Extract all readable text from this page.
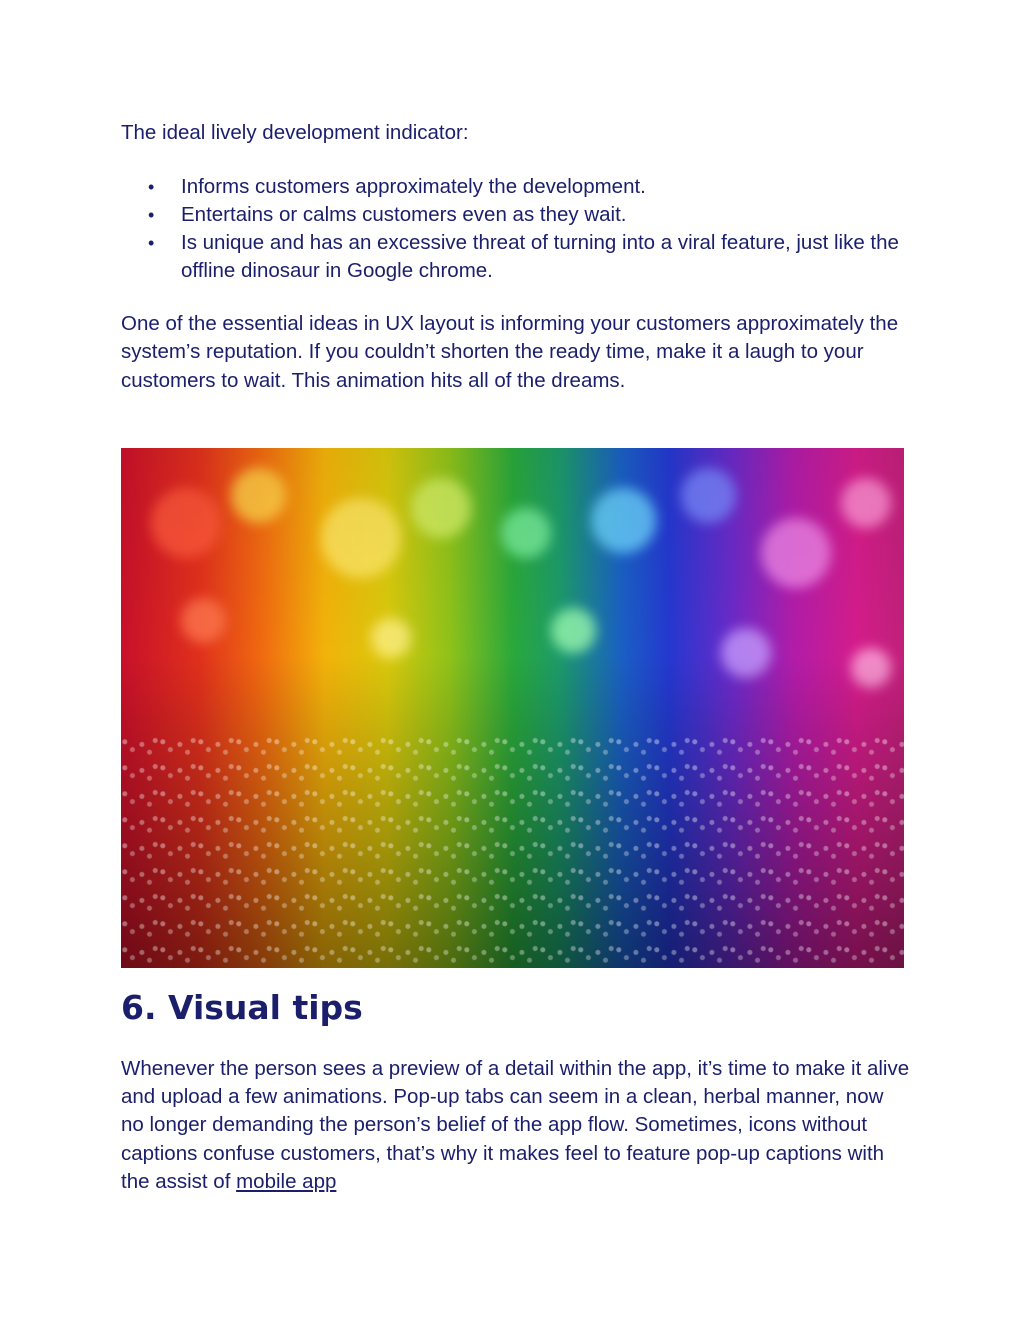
The ideal lively development indicator:

• Informs customers approximately the development.
• Entertains or calms customers even as they wait.
• Is unique and has an excessive threat of turning into a viral feature, just like the offline dinosaur in Google chrome.

One of the essential ideas in UX layout is informing your customers approximately the system’s reputation. If you couldn’t shorten the ready time, make it a laugh to your customers to wait. This animation hits all of the dreams.

6. Visual tips

Whenever the person sees a preview of a detail within the app, it’s time to make it alive and upload a few animations. Pop-up tabs can seem in a clean, herbal manner, now no longer demanding the person’s belief of the app flow. Sometimes, icons without captions confuse customers, that’s why it makes feel to feature pop-up captions with the assist of mobile app
